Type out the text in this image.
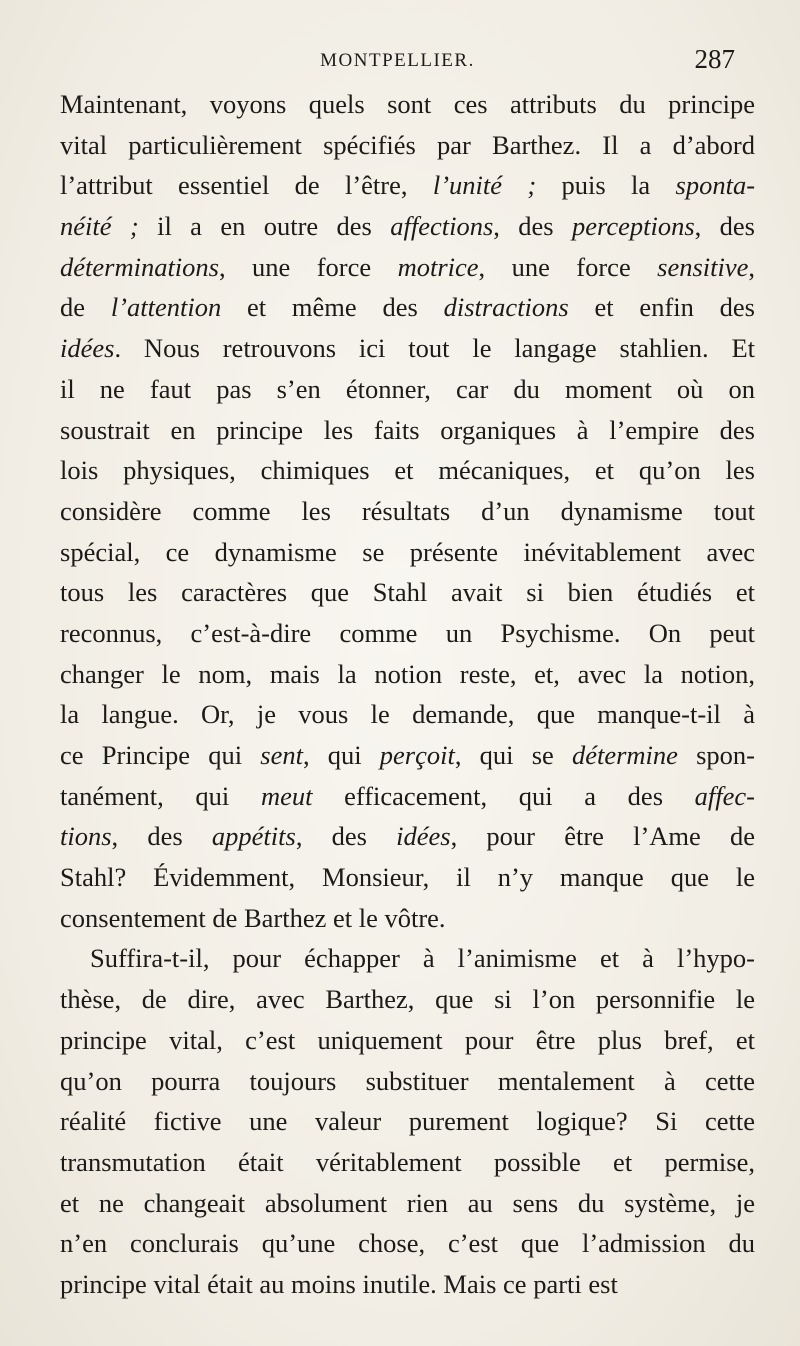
MONTPELLIER.	287
Maintenant, voyons quels sont ces attributs du principe
vital particulièrement spécifiés par Barthez. Il a d’abord
l’attribut essentiel de l’être, l’unité ; puis la sponta-
néité ; il a en outre des affections, des perceptions, des
déterminations, une force motrice, une force sensitive,
de l’attention et même des distractions et enfin des
idées. Nous retrouvons ici tout le langage stahlien. Et
il ne faut pas s’en étonner, car du moment où on
soustrait en principe les faits organiques à l’empire des
lois physiques, chimiques et mécaniques, et qu’on les
considère comme les résultats d’un dynamisme tout
spécial, ce dynamisme se présente inévitablement avec
tous les caractères que Stahl avait si bien étudiés et
reconnus, c’est-à-dire comme un Psychisme. On peut
changer le nom, mais la notion reste, et, avec la notion,
la langue. Or, je vous le demande, que manque-t-il à
ce Principe qui sent, qui perçoit, qui se détermine spon-
tanément, qui meut efficacement, qui a des affec-
tions, des appétits, des idées, pour être l’Ame de
Stahl? Évidemment, Monsieur, il n’y manque que le
consentement de Barthez et le vôtre.
Suffira-t-il, pour échapper à l’animisme et à l’hypo-
thèse, de dire, avec Barthez, que si l’on personnifie le
principe vital, c’est uniquement pour être plus bref, et
qu’on pourra toujours substituer mentalement à cette
réalité fictive une valeur purement logique? Si cette
transmutation était véritablement possible et permise,
et ne changeait absolument rien au sens du système, je
n’en conclurais qu’une chose, c’est que l’admission du
principe vital était au moins inutile. Mais ce parti est
